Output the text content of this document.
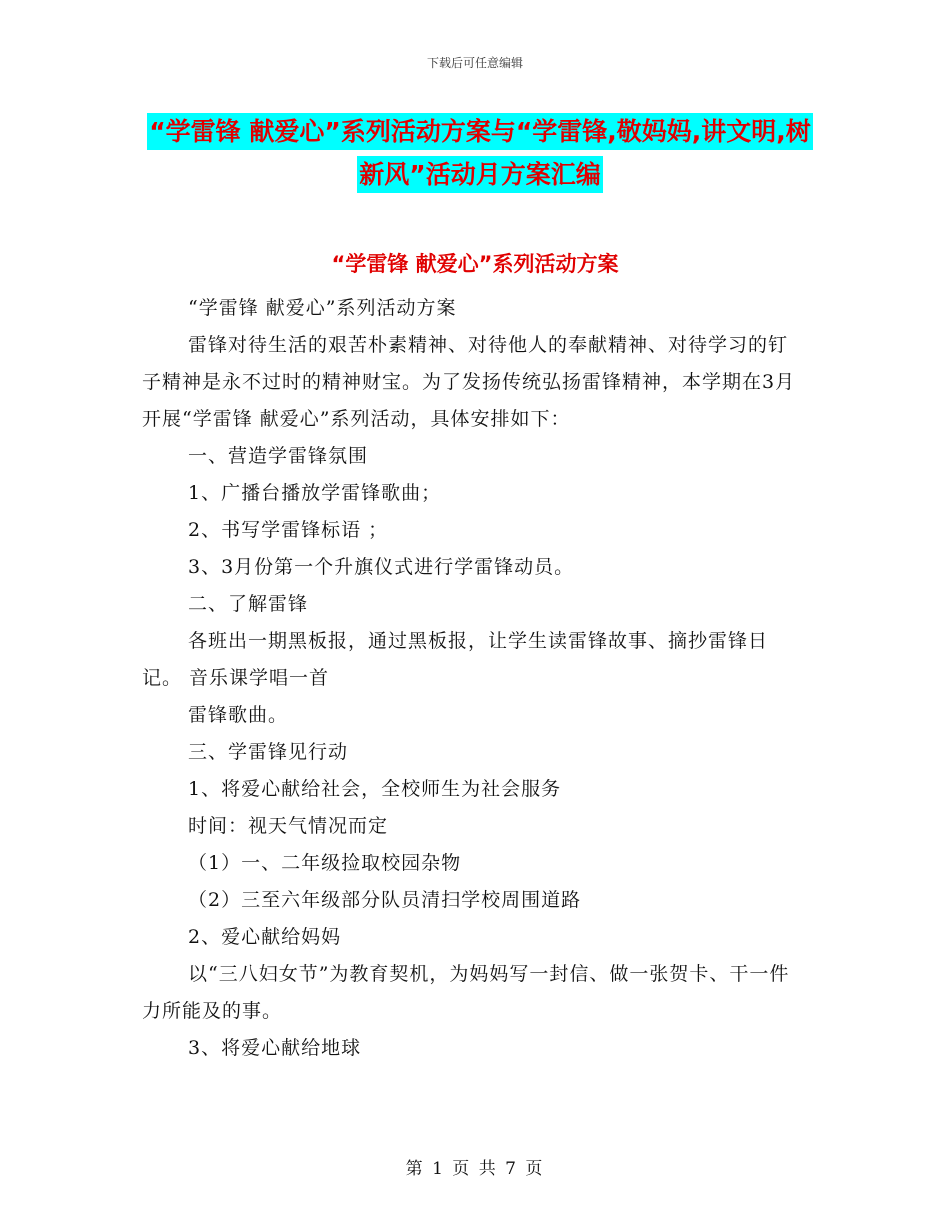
下载后可任意编辑
“学雷锋 献爱心”系列活动方案与“学雷锋,敬妈妈,讲文明,树新风”活动月方案汇编
“学雷锋 献爱心”系列活动方案

“学雷锋 献爱心”系列活动方案

雷锋对待生活的艰苦朴素精神、对待他人的奉献精神、对待学习的钉子精神是永不过时的精神财宝。为了发扬传统弘扬雷锋精神，本学期在3月开展“学雷锋 献爱心”系列活动，具体安排如下：

一、营造学雷锋氛围

1、广播台播放学雷锋歌曲；

2、书写学雷锋标语 ；

3、3月份第一个升旗仪式进行学雷锋动员。

二、了解雷锋

各班出一期黑板报，通过黑板报，让学生读雷锋故事、摘抄雷锋日记。 音乐课学唱一首

雷锋歌曲。

三、学雷锋见行动

1、将爱心献给社会，全校师生为社会服务

时间：视天气情况而定

（1）一、二年级捡取校园杂物

（2）三至六年级部分队员清扫学校周围道路

2、爱心献给妈妈

以“三八妇女节”为教育契机，为妈妈写一封信、做一张贺卡、干一件力所能及的事。

3、将爱心献给地球

第 1 页 共 7 页
